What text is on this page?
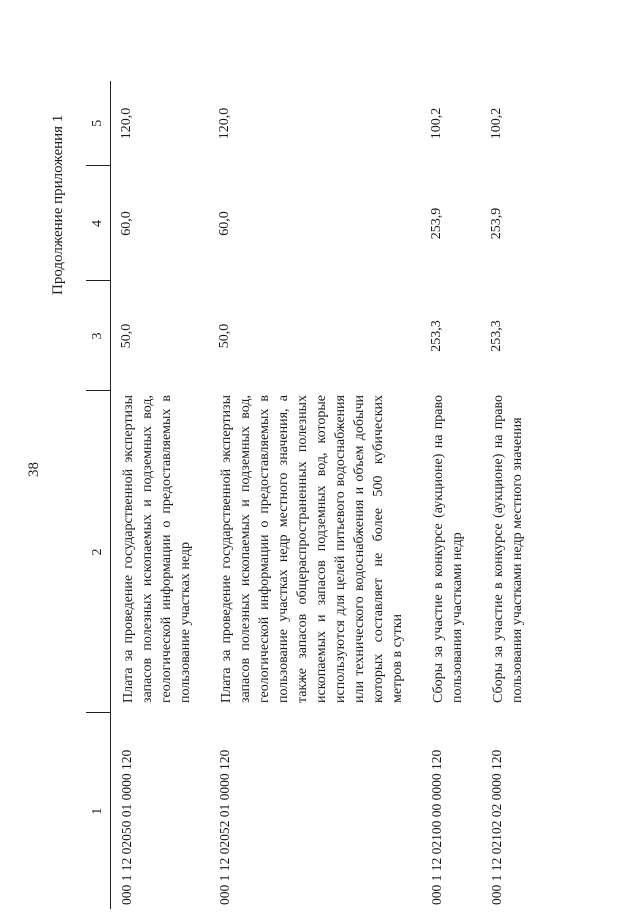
38
Продолжение приложения 1
1	2	3	4	5
000 1 12 02050 01 0000 120	Плата за проведение государственной экспертизы запасов полезных ископаемых и подземных вод, геологической информации о предоставляемых в пользование участках недр	50,0	60,0	120,0
000 1 12 02052 01 0000 120	Плата за проведение государственной экспертизы запасов полезных ископаемых и подземных вод, геологической информации о предоставляемых в пользование участках недр местного значения, а также запасов общераспространенных полезных ископаемых и запасов подземных вод, которые используются для целей питьевого водоснабжения или технического водоснабжения и объем добычи которых составляет не более 500 кубических метров в сутки	50,0	60,0	120,0
000 1 12 02100 00 0000 120	Сборы за участие в конкурсе (аукционе) на право пользования участками недр	253,3	253,9	100,2
000 1 12 02102 02 0000 120	Сборы за участие в конкурсе (аукционе) на право пользования участками недр местного значения	253,3	253,9	100,2
